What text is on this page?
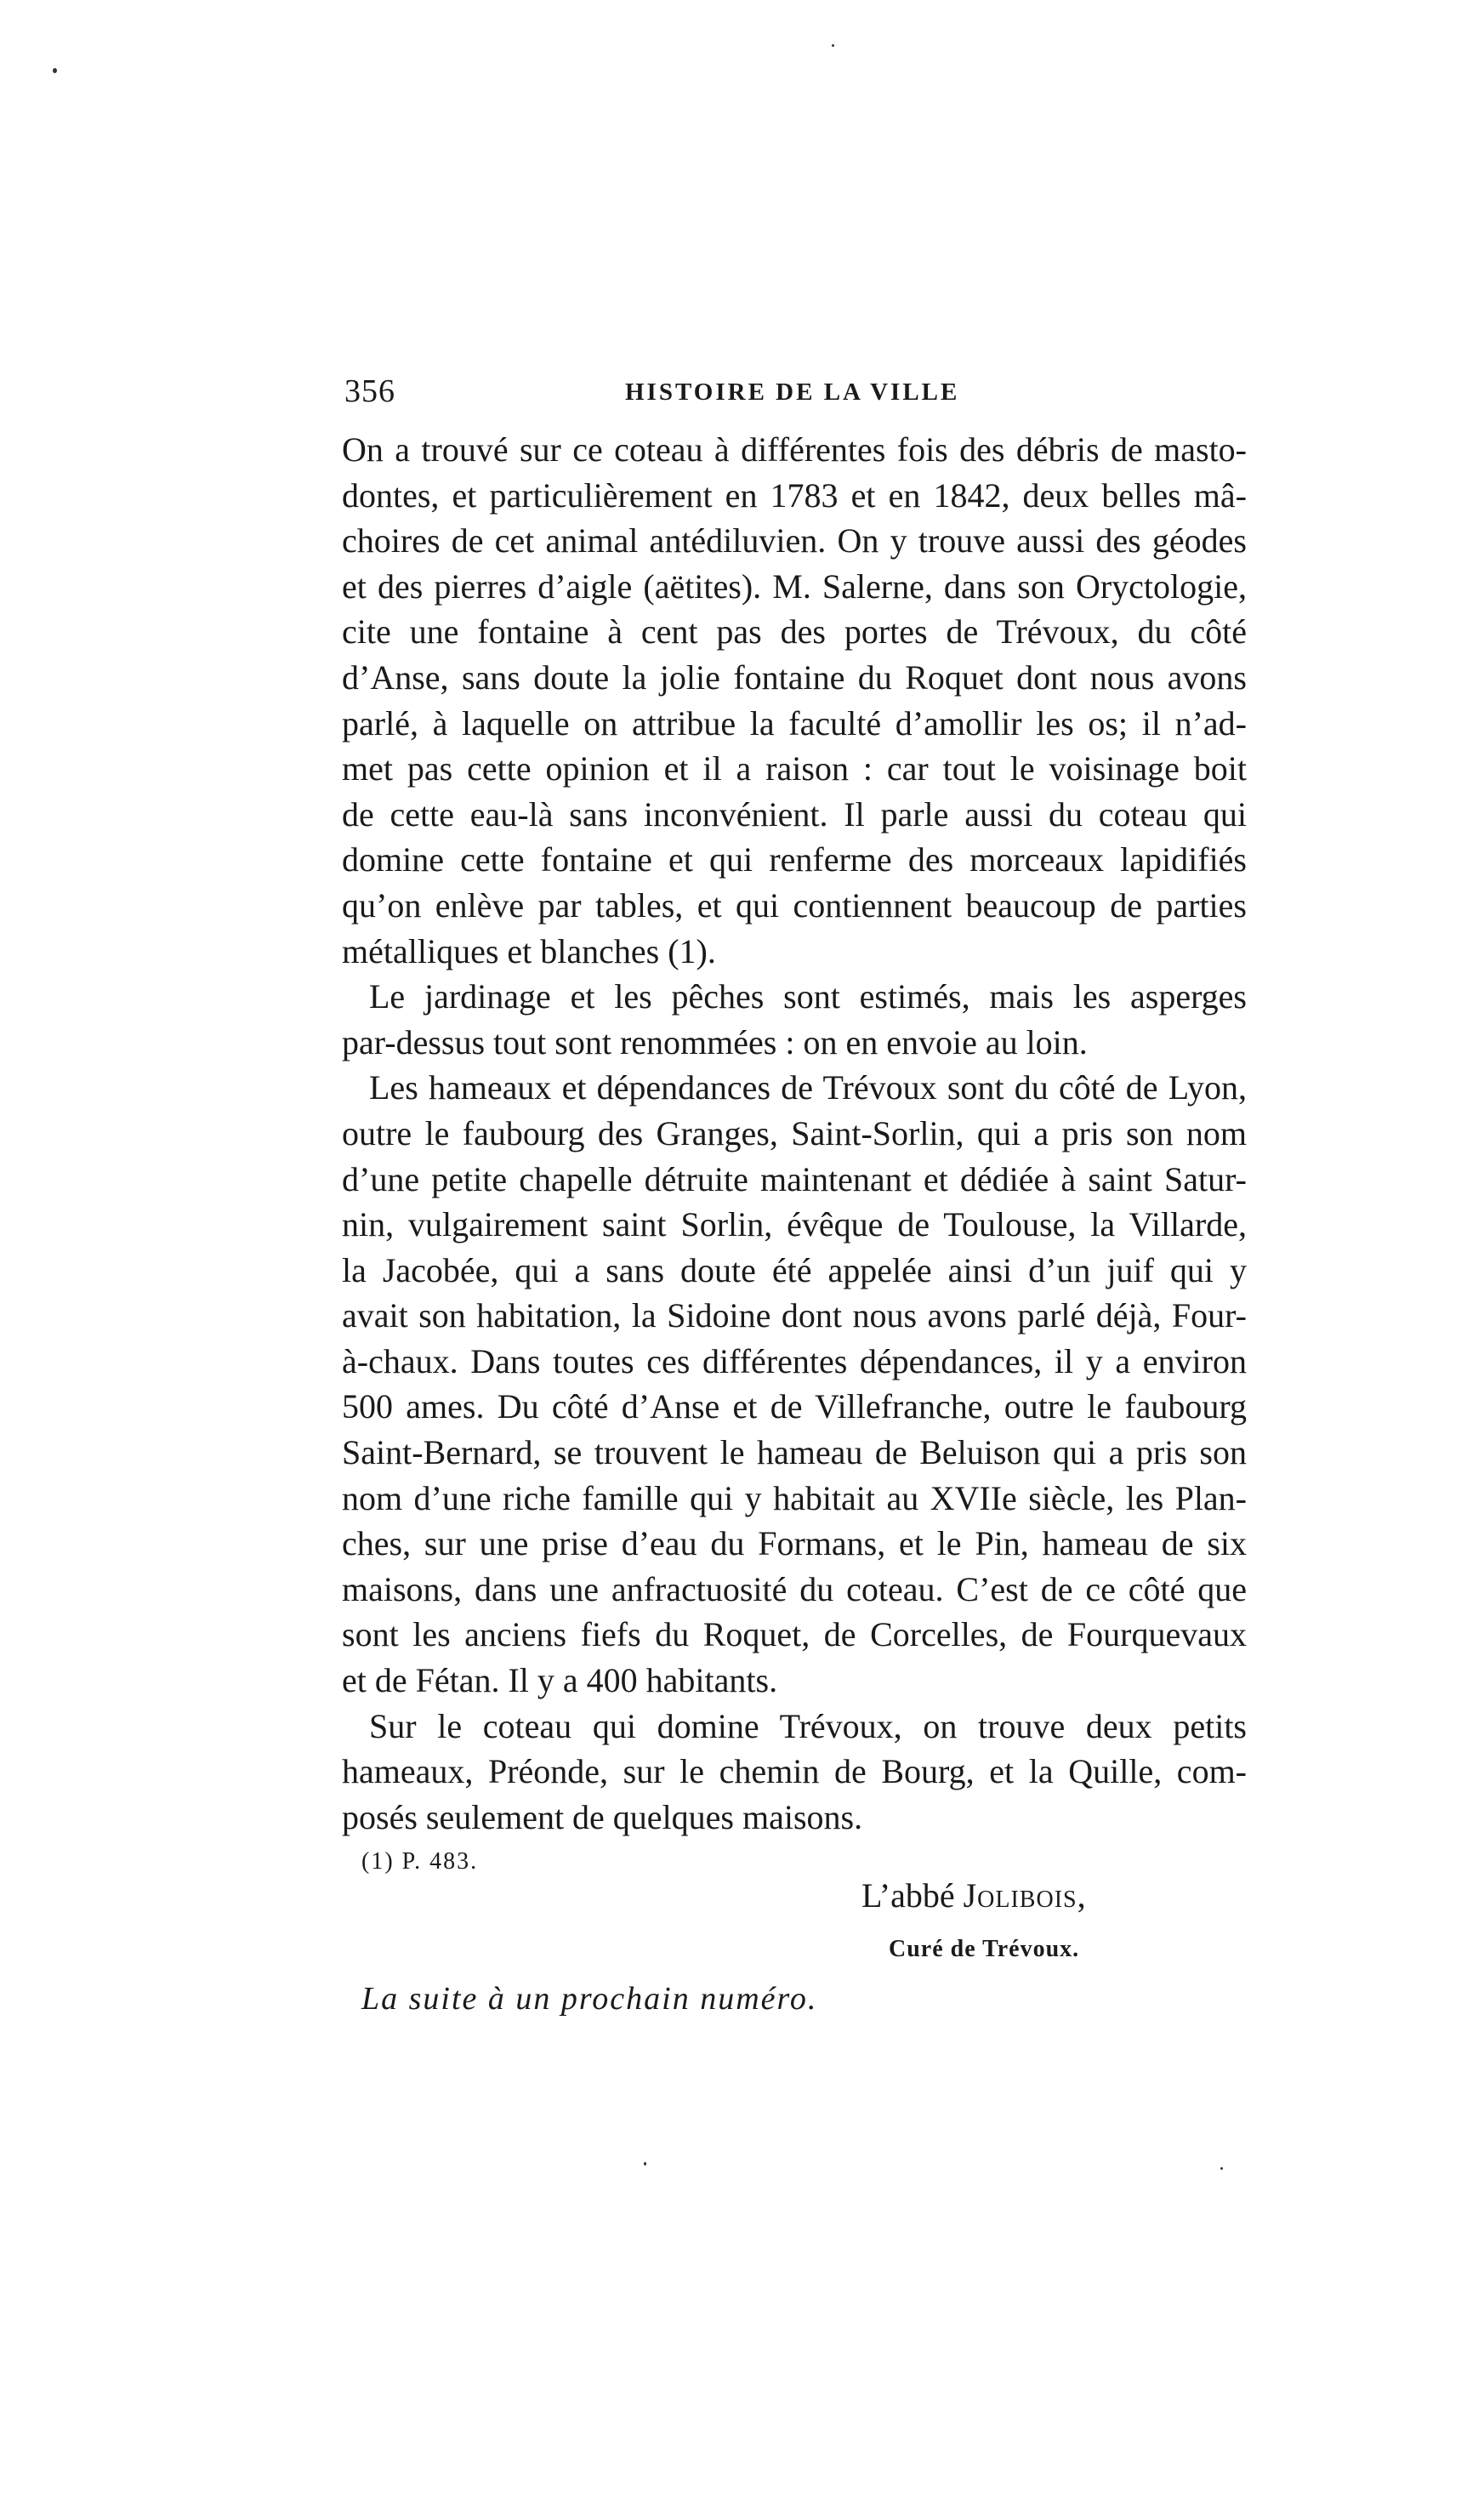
356	HISTOIRE DE LA VILLE
On a trouvé sur ce coteau à différentes fois des débris de masto-
dontes, et particulièrement en 1783 et en 1842, deux belles mâ-
choires de cet animal antédiluvien. On y trouve aussi des géodes
et des pierres d’aigle (aëtites). M. Salerne, dans son Oryctologie,
cite une fontaine à cent pas des portes de Trévoux, du côté
d’Anse, sans doute la jolie fontaine du Roquet dont nous avons
parlé, à laquelle on attribue la faculté d’amollir les os; il n’ad-
met pas cette opinion et il a raison : car tout le voisinage boit
de cette eau-là sans inconvénient. Il parle aussi du coteau qui
domine cette fontaine et qui renferme des morceaux lapidifiés
qu’on enlève par tables, et qui contiennent beaucoup de parties
métalliques et blanches (1).
Le jardinage et les pêches sont estimés, mais les asperges
par-dessus tout sont renommées : on en envoie au loin.
Les hameaux et dépendances de Trévoux sont du côté de Lyon,
outre le faubourg des Granges, Saint-Sorlin, qui a pris son nom
d’une petite chapelle détruite maintenant et dédiée à saint Satur-
nin, vulgairement saint Sorlin, évêque de Toulouse, la Villarde,
la Jacobée, qui a sans doute été appelée ainsi d’un juif qui y
avait son habitation, la Sidoine dont nous avons parlé déjà, Four-
à-chaux. Dans toutes ces différentes dépendances, il y a environ
500 ames. Du côté d’Anse et de Villefranche, outre le faubourg
Saint-Bernard, se trouvent le hameau de Beluison qui a pris son
nom d’une riche famille qui y habitait au XVIIe siècle, les Plan-
ches, sur une prise d’eau du Formans, et le Pin, hameau de six
maisons, dans une anfractuosité du coteau. C’est de ce côté que
sont les anciens fiefs du Roquet, de Corcelles, de Fourquevaux
et de Fétan. Il y a 400 habitants.
Sur le coteau qui domine Trévoux, on trouve deux petits
hameaux, Préonde, sur le chemin de Bourg, et la Quille, com-
posés seulement de quelques maisons.
(1) P. 483.
L’abbé Jolibois,
Curé de Trévoux.
La suite à un prochain numéro.
